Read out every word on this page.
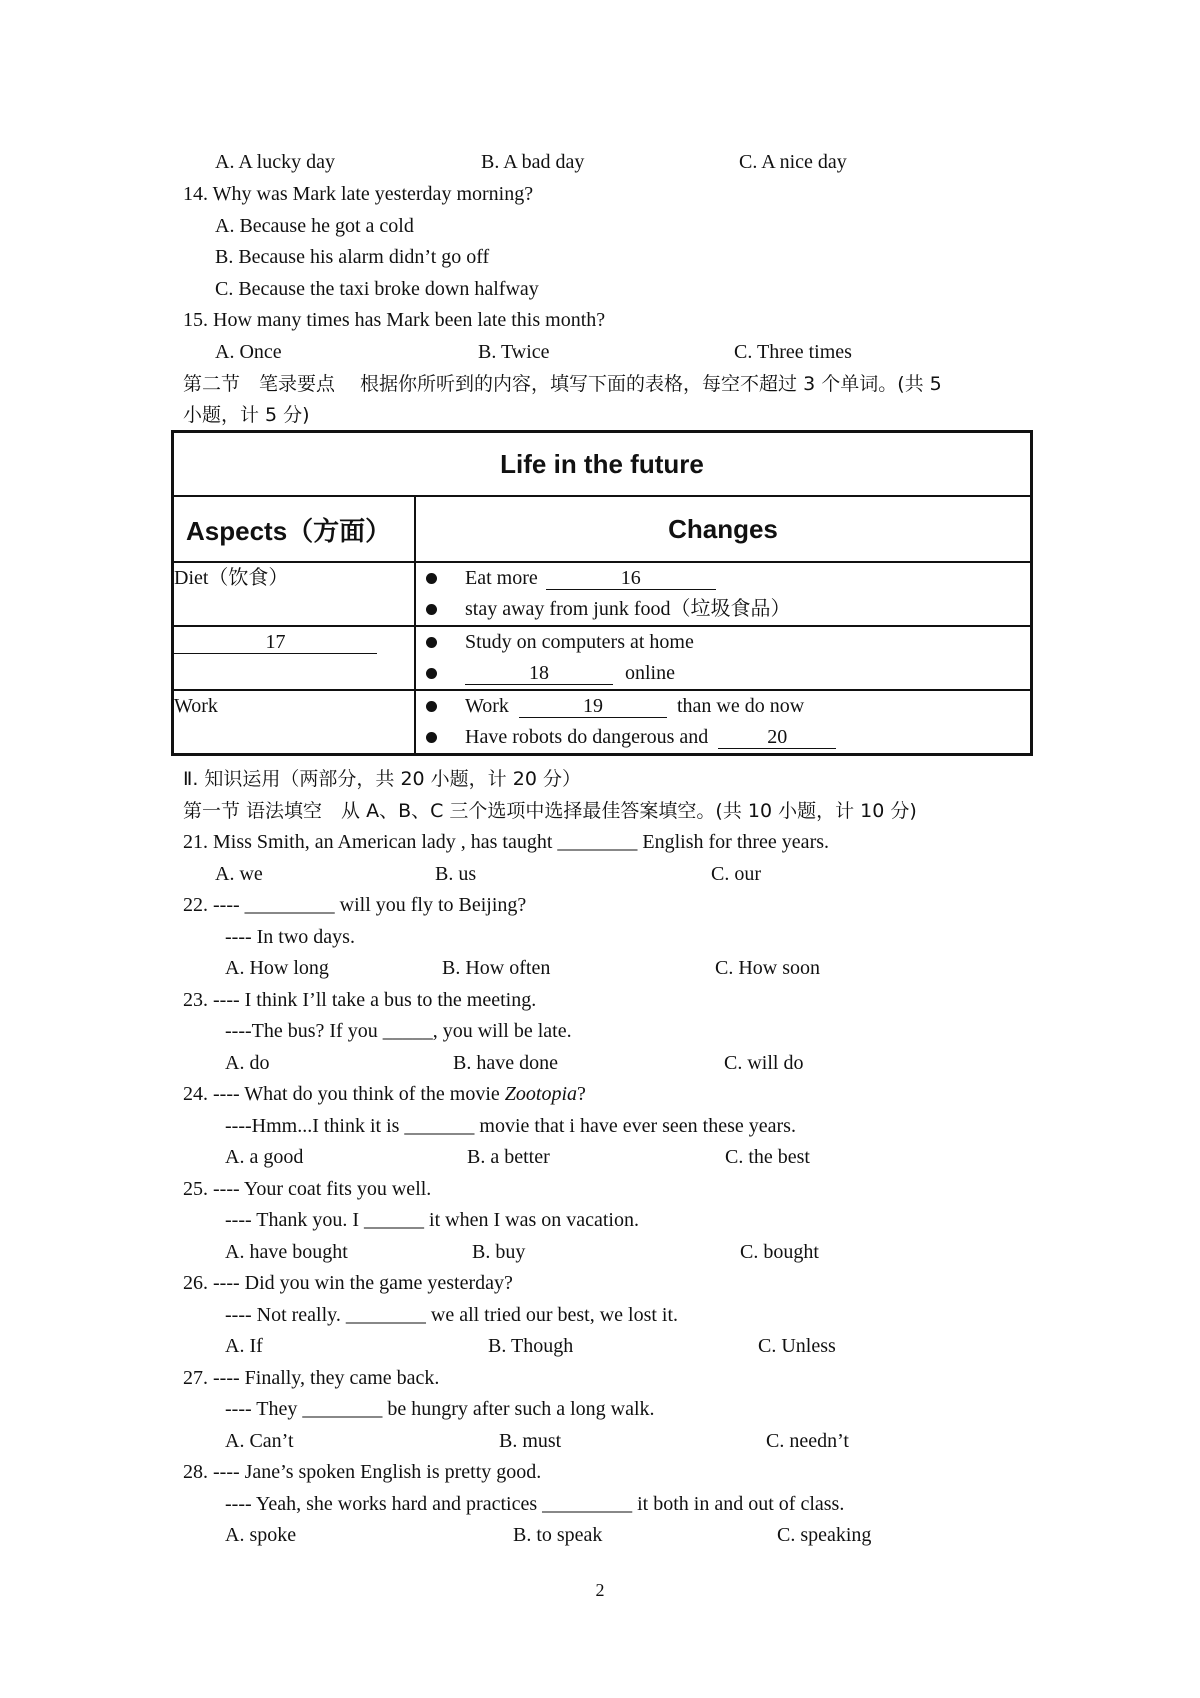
A. A lucky day	B. A bad day	C. A nice day
14. Why was Mark late yesterday morning?
A. Because he got a cold
B. Because his alarm didn’t go off
C. Because the taxi broke down halfway
15. How many times has Mark been late this month?
A. Once	B. Twice	C. Three times
第二节　笔录要点　 根据你所听到的内容，填写下面的表格，每空不超过 3 个单词。(共 5
小题，计 5 分)
Life in the future	
Aspects（方面）	Changes
Diet（饮食）	Eat more 16
stay away from junk food（垃圾食品）

17	Study on computers at home
18 online

Work	Work 19 than we do now
Have robots do dangerous and 20
Ⅱ. 知识运用（两部分，共 20 小题，计 20 分）
第一节 语法填空　从 A、B、C 三个选项中选择最佳答案填空。(共 10 小题，计 10 分)
21. Miss Smith, an American lady , has taught ________ English for three years.
A. we	B. us	C. our
22. ---- _________ will you fly to Beijing?
---- In two days.
A. How long	B. How often	C. How soon
23. ---- I think I’ll take a bus to the meeting.
----The bus? If you _____, you will be late.
A. do	B. have done	C. will do
24. ---- What do you think of the movie Zootopia?
----Hmm...I think it is _______ movie that i have ever seen these years.
A. a good	B. a better	C. the best
25. ---- Your coat fits you well.
---- Thank you. I ______ it when I was on vacation.
A. have bought	B. buy	C. bought
26. ---- Did you win the game yesterday?
---- Not really. ________ we all tried our best, we lost it.
A. If	B. Though	C. Unless
27. ---- Finally, they came back.
---- They ________ be hungry after such a long walk.
A. Can’t	B. must	C. needn’t
28. ---- Jane’s spoken English is pretty good.
---- Yeah, she works hard and practices _________ it both in and out of class.
A. spoke	B. to speak	C. speaking
2
